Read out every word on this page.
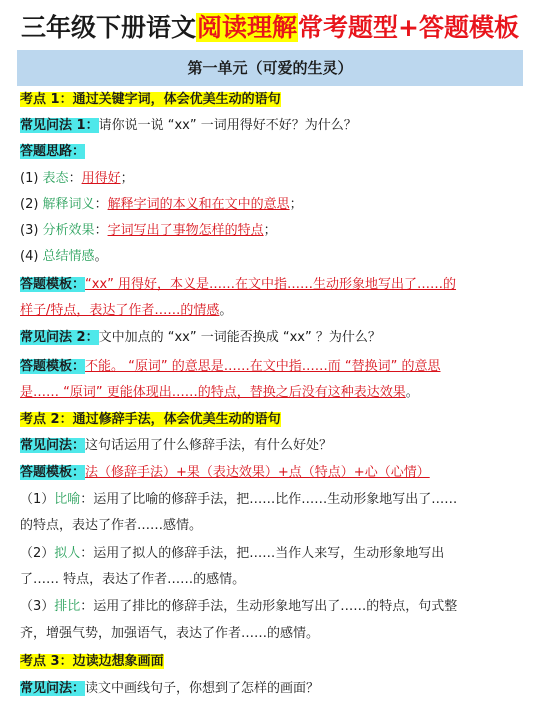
三年级下册语文阅读理解常考题型+答题模板
第一单元（可爱的生灵）
考点 1：通过关键字词，体会优美生动的语句
常见问法 1：请你说一说 “xx” 一词用得好不好？为什么？
答题思路：
(1) 表态：用得好；
(2) 解释词义：解释字词的本义和在文中的意思；
(3) 分析效果：字词写出了事物怎样的特点；
(4) 总结情感。
答题模板：“xx” 用得好，本义是……在文中指……生动形象地写出了……的
样子/特点，表达了作者……的情感。
常见问法 2：文中加点的 “xx” 一词能否换成 “xx” ？为什么？
答题模板：不能。 “原词” 的意思是……在文中指……而 “替换词” 的意思
是…… “原词” 更能体现出……的特点，替换之后没有这种表达效果。
考点 2：通过修辞手法，体会优美生动的语句
常见问法：这句话运用了什么修辞手法，有什么好处？
答题模板：法（修辞手法）+果（表达效果）+点（特点）+心（心情）
（1）比喻：运用了比喻的修辞手法，把……比作……生动形象地写出了……
的特点，表达了作者……感情。
（2）拟人：运用了拟人的修辞手法，把……当作人来写，生动形象地写出
了…… 特点，表达了作者……的感情。
（3）排比：运用了排比的修辞手法，生动形象地写出了……的特点，句式整
齐，增强气势，加强语气，表达了作者……的感情。
考点 3：边读边想象画面
常见问法：读文中画线句子，你想到了怎样的画面？
